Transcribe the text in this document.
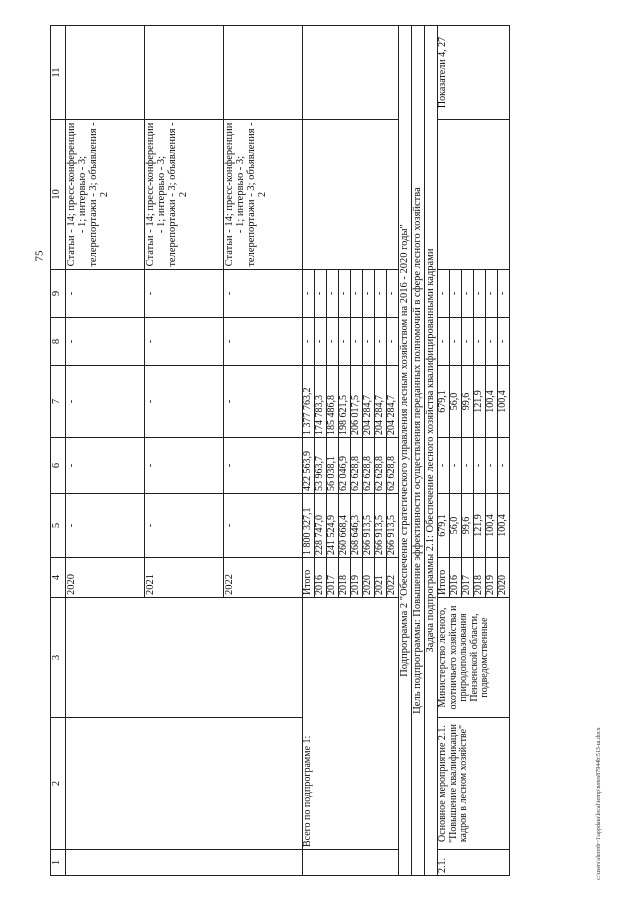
75
c:\users\shorob~1\appdata\local\temp\notes87944b\513-ш.docx
1	2	3	4	5	6	7	8	9	10	11
			2020	-	-	-	-	-	Статьи - 14; пресс-конференции - 1; интервью - 3; телерепортажи - 3; объявления - 2	
			2021	-	-	-	-	-	Статьи - 14; пресс-конференции - 1; интервью - 3; телерепортажи - 3; объявления - 2	
			2022	-	-	-	-	-	Статьи - 14; пресс-конференции - 1; интервью - 3; телерепортажи - 3; объявления - 2	
	Всего по подпрограмме 1:		Итого	1 800 327,1	422 563,9	1 377 763,2	-	-		
			2016	228 747,0	53 963,7	174 783,3	-	-		
			2017	241 524,9	56 038,1	185 486,8	-	-		
			2018	260 668,4	62 046,9	198 621,5	-	-		
			2019	268 646,3	62 628,8	206 017,5	-	-		
			2020	266 913,5	62 628,8	204 284,7	-	-		
			2021	266 913,5	62 628,8	204 284,7	-	-		
			2022	266 913,5	62 628,8	204 284,7	-	-		
Подпрограмма 2 "Обеспечение стратегического управления лесным хозяйством на 2016 - 2020 годы"										
Цель подпрограммы: Повышение эффективности осуществления переданных полномочий в сфере лесного хозяйства										
Задача подпрограммы 2.1: Обеспечение лесного хозяйства квалифицированными кадрами										
2.1.	Основное мероприятие 2.1. "Повышение квалификации кадров в лесном хозяйстве"	Министерство лесного, охотничьего хозяйства и природопользования Пензенской области, подведомственные	Итого	679,1	-	679,1	-	-		Показатели 4, 27
			2016	56,0	-	56,0	-	-		
			2017	99,6	-	99,6	-	-		
			2018	121,9	-	121,9	-	-		
			2019	100,4	-	100,4	-	-		
			2020	100,4	-	100,4	-	-		
